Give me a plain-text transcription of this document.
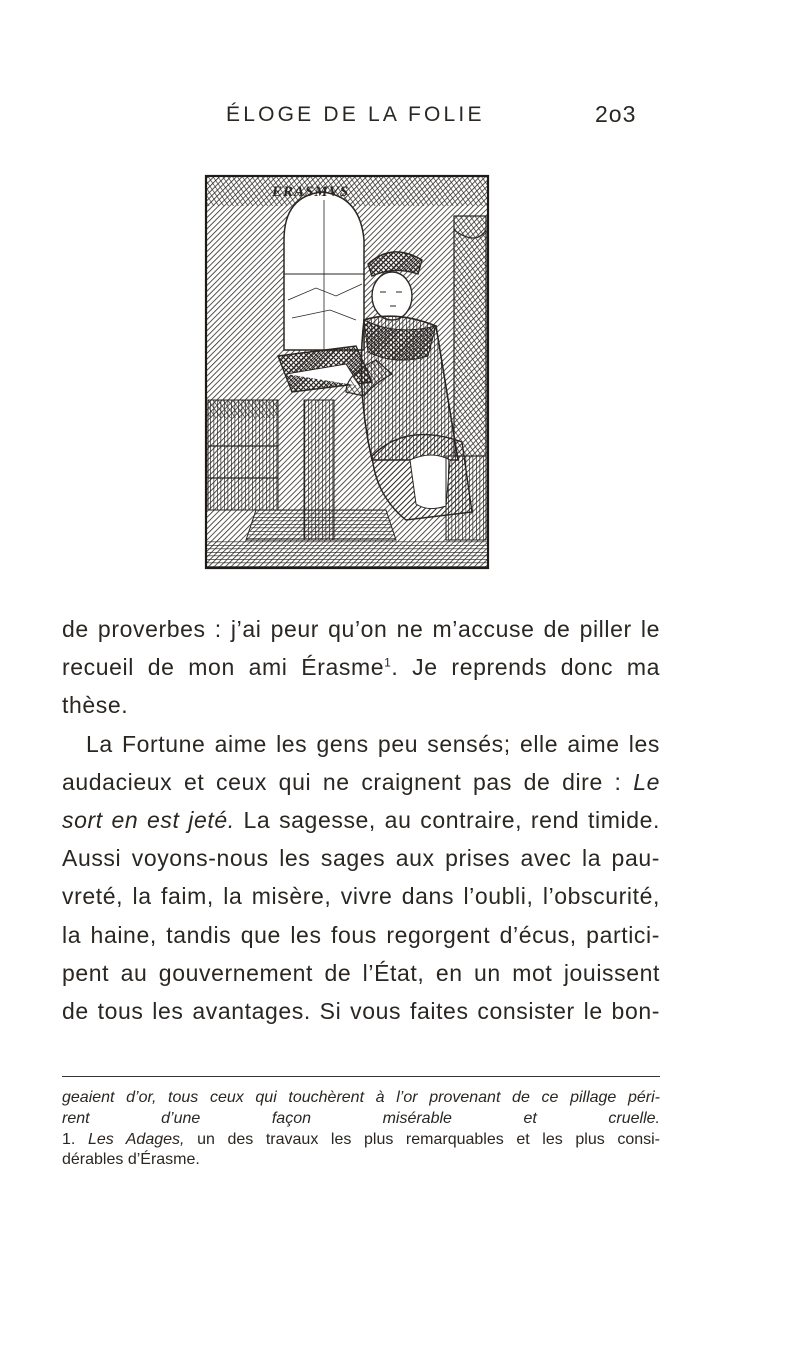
ÉLOGE DE LA FOLIE	2o3
ERASMVS
de proverbes : j’ai peur qu’on ne m’accuse de piller le
recueil de mon ami Érasme$^1$. Je reprends donc ma
thèse.
La Fortune aime les gens peu sensés; elle aime les
audacieux et ceux qui ne craignent pas de dire : Le
sort en est jeté. La sagesse, au contraire, rend timide.
Aussi voyons-nous les sages aux prises avec la pau-
vreté, la faim, la misère, vivre dans l’oubli, l’obscurité,
la haine, tandis que les fous regorgent d’écus, partici-
pent au gouvernement de l’État, en un mot jouissent
de tous les avantages. Si vous faites consister le bon-
geaient d’or, tous ceux qui touchèrent à l’or provenant de ce pillage péri-
rent d’une façon misérable et cruelle.
1. Les Adages, un des travaux les plus remarquables et les plus consi-
dérables d’Érasme.
